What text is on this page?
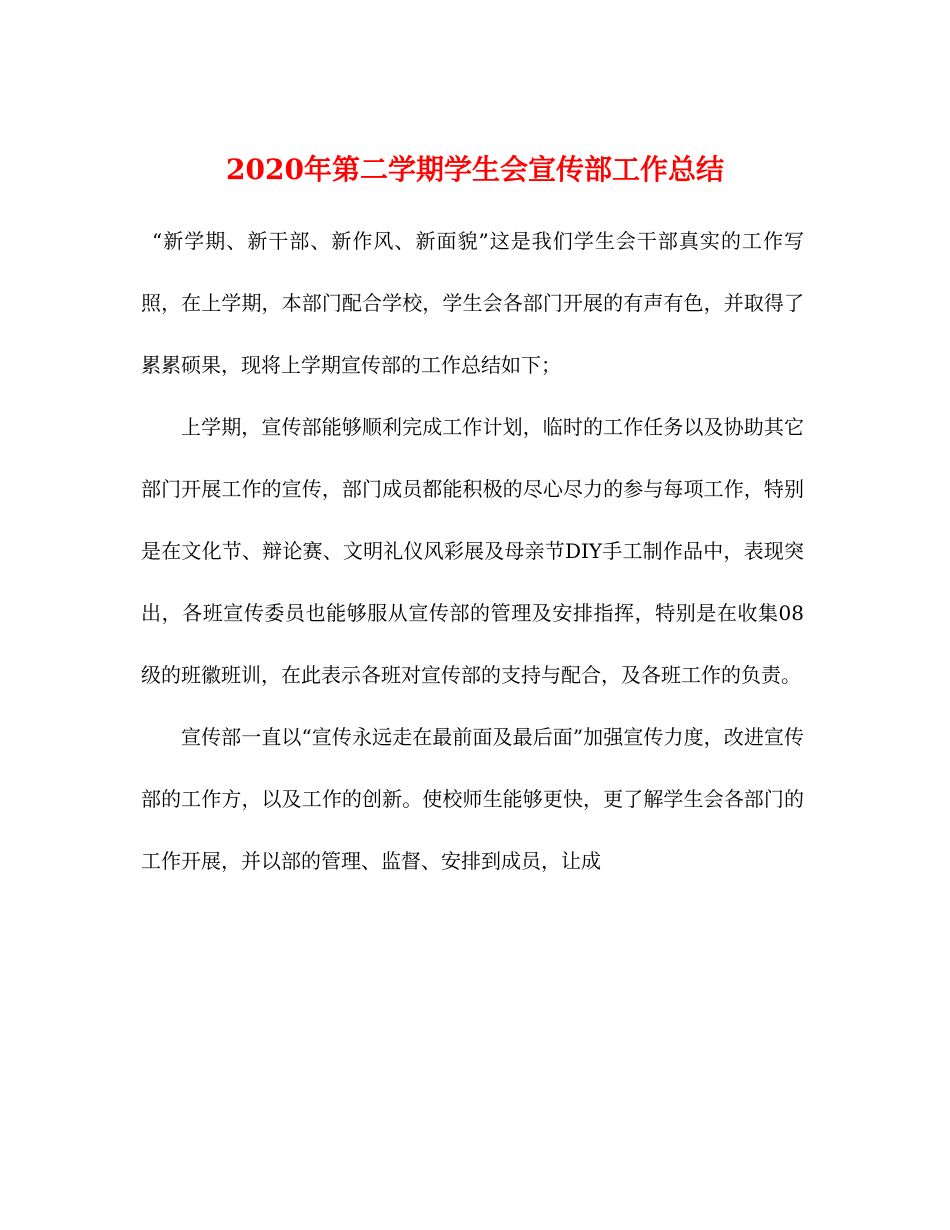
2020年第二学期学生会宣传部工作总结

“新学期、新干部、新作风、新面貌”这是我们学生会干部真实的工作写照，在上学期，本部门配合学校，学生会各部门开展的有声有色，并取得了累累硕果，现将上学期宣传部的工作总结如下；

上学期，宣传部能够顺利完成工作计划，临时的工作任务以及协助其它部门开展工作的宣传，部门成员都能积极的尽心尽力的参与每项工作，特别是在文化节、辩论赛、文明礼仪风彩展及母亲节DIY手工制作品中，表现突出，各班宣传委员也能够服从宣传部的管理及安排指挥，特别是在收集08级的班徽班训，在此表示各班对宣传部的支持与配合，及各班工作的负责。

宣传部一直以“宣传永远走在最前面及最后面”加强宣传力度，改进宣传部的工作方，以及工作的创新。使校师生能够更快，更了解学生会各部门的工作开展，并以部的管理、监督、安排到成员，让成
